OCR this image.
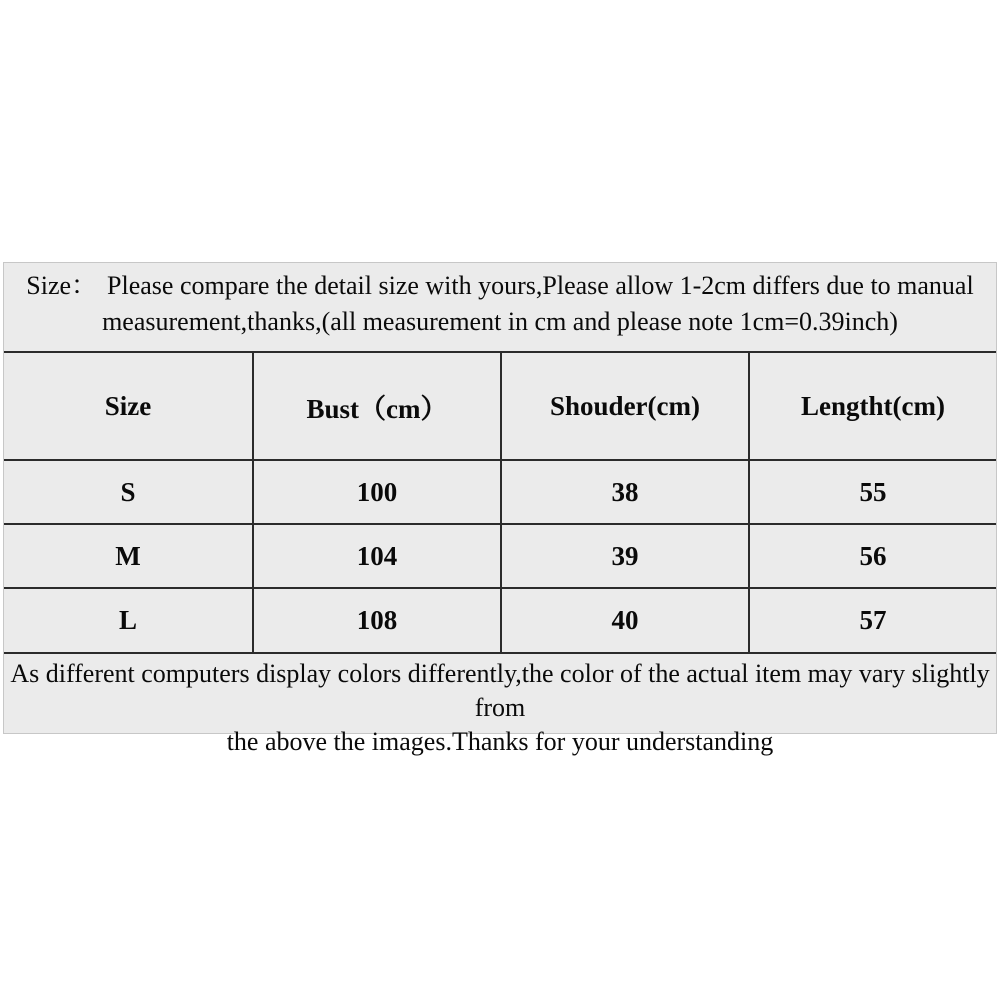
Size： Please compare the detail size with yours,Please allow 1-2cm differs due to manual
measurement,thanks,(all measurement in cm and please note 1cm=0.39inch)
Size	Bust（cm）	Shouder(cm)	Lengtht(cm)
S	100	38	55
M	104	39	56
L	108	40	57
As different computers display colors differently,the color of the actual item may vary slightly from
the above the images.Thanks for your understanding
